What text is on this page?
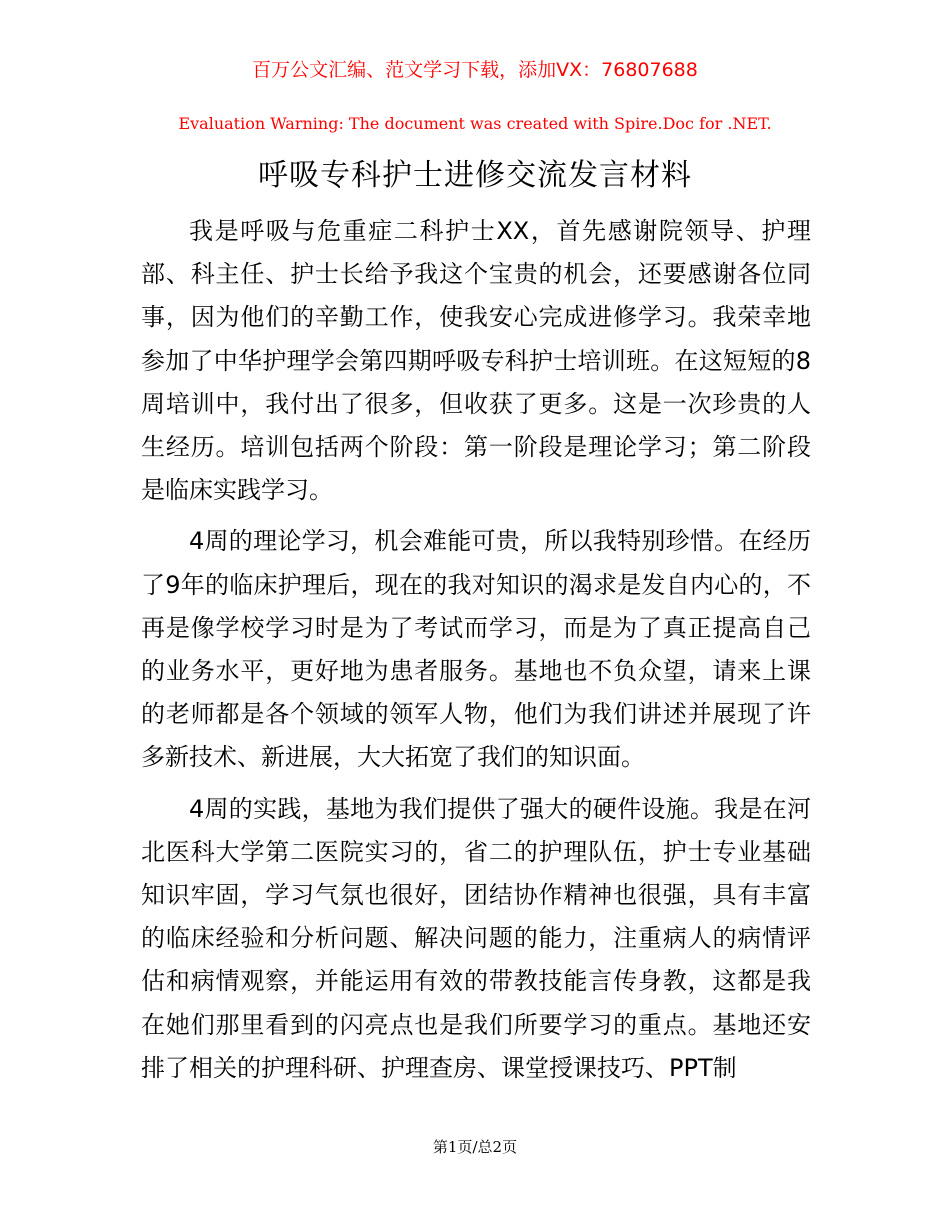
百万公文汇编、范文学习下载，添加VX：76807688
Evaluation Warning: The document was created with Spire.Doc for .NET.
呼吸专科护士进修交流发言材料

我是呼吸与危重症二科护士XX，首先感谢院领导、护理部、科主任、护士长给予我这个宝贵的机会，还要感谢各位同事，因为他们的辛勤工作，使我安心完成进修学习。我荣幸地参加了中华护理学会第四期呼吸专科护士培训班。在这短短的8周培训中，我付出了很多，但收获了更多。这是一次珍贵的人生经历。培训包括两个阶段：第一阶段是理论学习；第二阶段是临床实践学习。

4周的理论学习，机会难能可贵，所以我特别珍惜。在经历了9年的临床护理后，现在的我对知识的渴求是发自内心的，不再是像学校学习时是为了考试而学习，而是为了真正提高自己的业务水平，更好地为患者服务。基地也不负众望，请来上课的老师都是各个领域的领军人物，他们为我们讲述并展现了许多新技术、新进展，大大拓宽了我们的知识面。

4周的实践，基地为我们提供了强大的硬件设施。我是在河北医科大学第二医院实习的，省二的护理队伍，护士专业基础知识牢固，学习气氛也很好，团结协作精神也很强，具有丰富的临床经验和分析问题、解决问题的能力，注重病人的病情评估和病情观察，并能运用有效的带教技能言传身教，这都是我在她们那里看到的闪亮点也是我们所要学习的重点。基地还安排了相关的护理科研、护理查房、课堂授课技巧、PPT制

第1页/总2页
